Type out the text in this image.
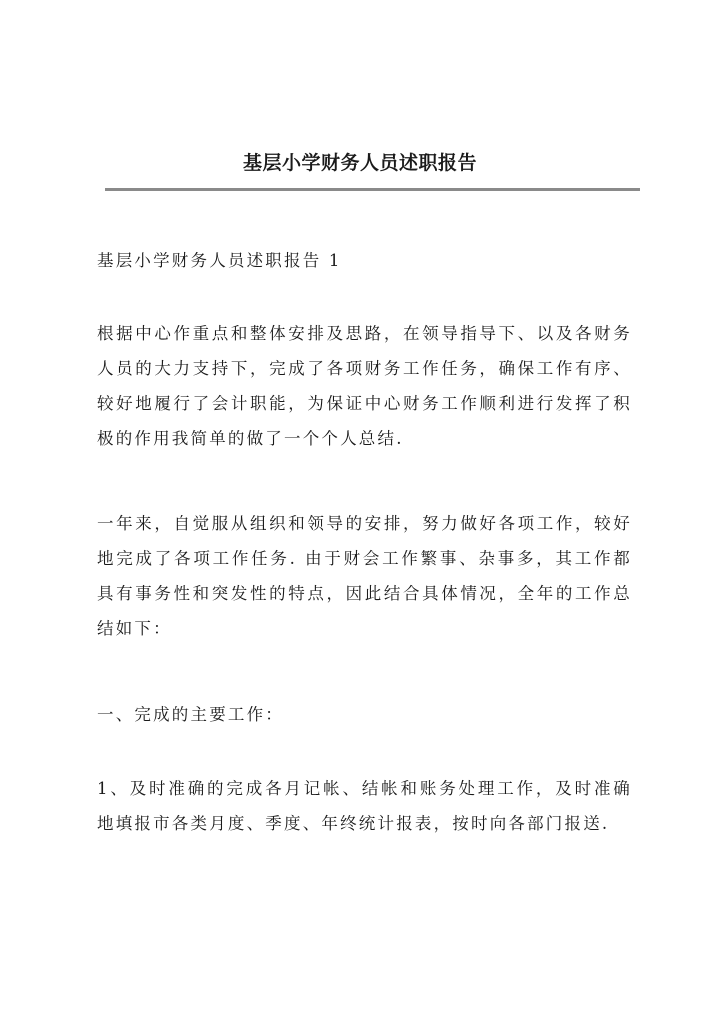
基层小学财务人员述职报告

基层小学财务人员述职报告 1

根据中心作重点和整体安排及思路，在领导指导下、以及各财务人员的大力支持下，完成了各项财务工作任务，确保工作有序、较好地履行了会计职能，为保证中心财务工作顺利进行发挥了积极的作用我简单的做了一个个人总结.

一年来，自觉服从组织和领导的安排，努力做好各项工作，较好地完成了各项工作任务. 由于财会工作繁事、杂事多，其工作都具有事务性和突发性的特点，因此结合具体情况，全年的工作总结如下：

一、完成的主要工作：

1、及时准确的完成各月记帐、结帐和账务处理工作，及时准确地填报市各类月度、季度、年终统计报表，按时向各部门报送.
